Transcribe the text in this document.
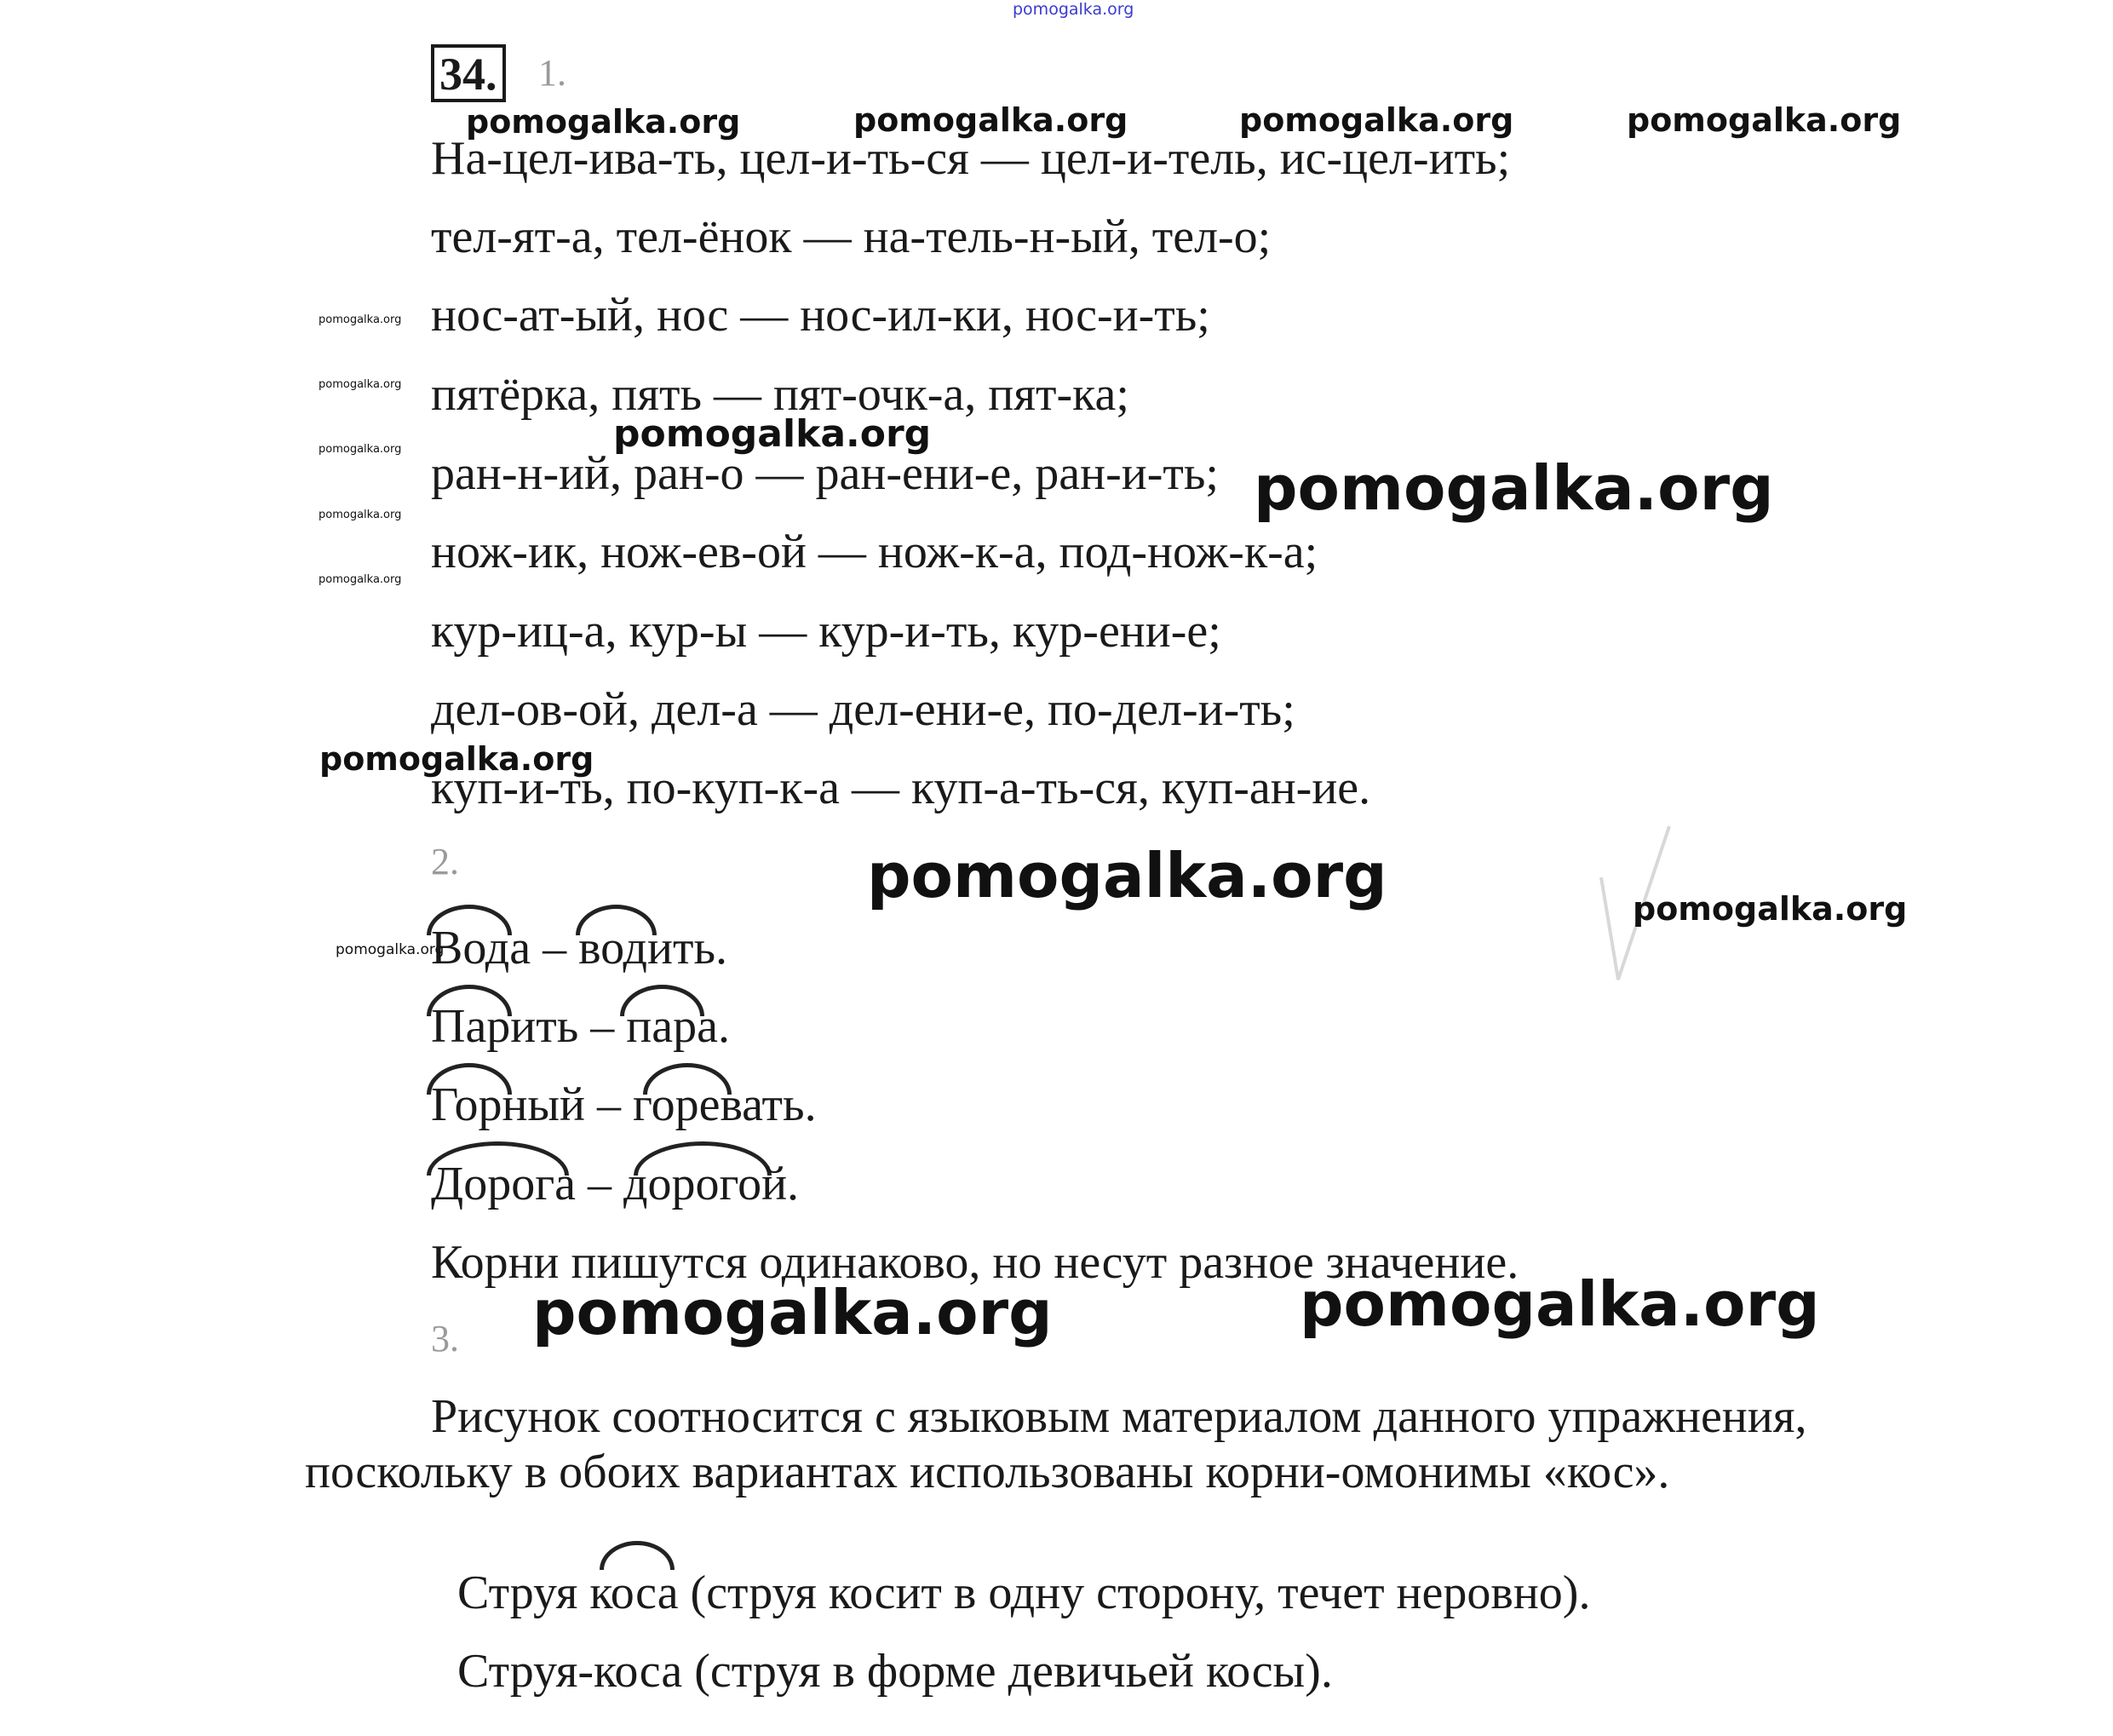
pomogalka.org
34. 1.
На-цел-ива-ть, цел-и-ть-ся — цел-и-тель, ис-цел-ить;
тел-ят-а, тел-ёнок — на-тель-н-ый, тел-о;
нос-ат-ый, нос — нос-ил-ки, нос-и-ть;
пятёрка, пять — пят-очк-а, пят-ка;
ран-н-ий, ран-о — ран-ени-е, ран-и-ть;
нож-ик, нож-ев-ой — нож-к-а, под-нож-к-а;
кур-иц-а, кур-ы — кур-и-ть, кур-ени-е;
дел-ов-ой, дел-а — дел-ени-е, по-дел-и-ть;
куп-и-ть, по-куп-к-а — куп-а-ть-ся, куп-ан-ие.
2.
Вода – водить.
Парить – пара.
Горный – горевать.
Дорога – дорогой.
Корни пишутся одинаково, но несут разное значение.
3.
Рисунок соотносится с языковым материалом данного упражнения,
поскольку в обоих вариантах использованы корни-омонимы «кос».
Струя коса (струя косит в одну сторону, течет неровно).
Струя-коса (струя в форме девичьей косы).
pomogalka.org	pomogalka.org	pomogalka.org	pomogalka.org
pomogalka.org
pomogalka.org
pomogalka.org
pomogalka.org
pomogalka.org
pomogalka.org
pomogalka.org
pomogalka.org
pomogalka.org	pomogalka.org
pomogalka.org
pomogalka.org	pomogalka.org
